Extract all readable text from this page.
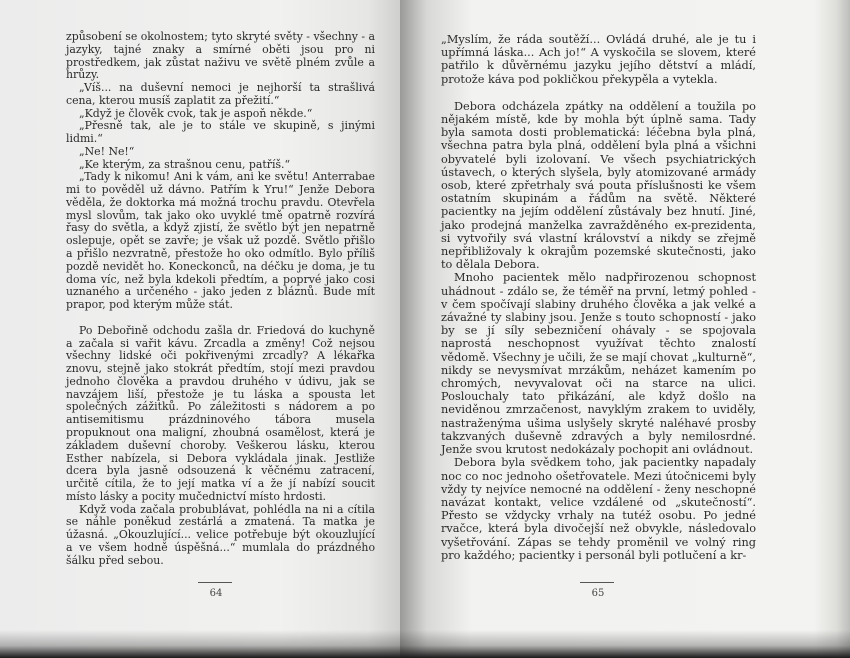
způsobení se okolnostem; tyto skryté světy - všechny - a jazyky, tajné znaky a smírné oběti jsou pro ni prostředkem, jak zůstat naživu ve světě plném zvůle a hrůzy.

„Víš... na duševní nemoci je nejhorší ta strašlivá cena, kterou musíš zaplatit za přežití.“

„Když je člověk cvok, tak je aspoň někde.“

„Přesně tak, ale je to stále ve skupině, s jinými lidmi.“

„Ne! Ne!“

„Ke kterým, za strašnou cenu, patříš.“

„Tady k nikomu! Ani k vám, ani ke světu! Anterrabae mi to pověděl už dávno. Patřím k Yru!“ Jenže Debora věděla, že doktorka má možná trochu pravdu. Otevřela mysl slovům, tak jako oko uvyklé tmě opatrně rozvírá řasy do světla, a když zjistí, že světlo být jen nepatrně oslepuje, opět se zavře; je však už pozdě. Světlo přišlo a přišlo nezvratně, přestože ho oko odmítlo. Bylo příliš pozdě nevidět ho. Koneckonců, na déčku je doma, je tu doma víc, než byla kdekoli předtím, a poprvé jako cosi uznaného a určeného - jako jeden z bláznů. Bude mít prapor, pod kterým může stát.

Po Debořině odchodu zašla dr. Friedová do kuchyně a začala si vařit kávu. Zrcadla a změny! Což nejsou všechny lidské oči pokřivenými zrcadly? A lékařka znovu, stejně jako stokrát předtím, stojí mezi pravdou jednoho člověka a pravdou druhého v údivu, jak se navzájem liší, přestože je tu láska a spousta let společných zážitků. Po záležitosti s nádorem a po antisemitismu prázdninového tábora musela propuknout ona maligní, zhoubná osamělost, která je základem duševní choroby. Veškerou lásku, kterou Esther nabízela, si Debora vykládala jinak. Jestliže dcera byla jasně odsouzená k věčnému zatracení, určitě cítila, že to její matka ví a že jí nabízí soucit místo lásky a pocity mučednictví místo hrdosti.

Když voda začala probublávat, pohlédla na ni a cítila se náhle poněkud zestárlá a zmatená. Ta matka je úžasná. „Okouzlující... velice potřebuje být okouzlující a ve všem hodně úspěšná...“ mumlala do prázdného šálku před sebou.

64

„Myslím, že ráda soutěží... Ovládá druhé, ale je tu i upřímná láska... Ach jo!“ A vyskočila se slovem, které patřilo k důvěrnému jazyku jejího dětství a mládí, protože káva pod pokličkou překypěla a vytekla.

Debora odcházela zpátky na oddělení a toužila po nějakém místě, kde by mohla být úplně sama. Tady byla samota dosti problematická: léčebna byla plná, všechna patra byla plná, oddělení byla plná a všichni obyvatelé byli izolovaní. Ve všech psychiatrických ústavech, o kterých slyšela, byly atomizované armády osob, které zpřetrhaly svá pouta příslušnosti ke všem ostatním skupinám a řádům na světě. Některé pacientky na jejím oddělení zůstávaly bez hnutí. Jiné, jako prodejná manželka zavražděného ex-prezidenta, si vytvořily svá vlastní království a nikdy se zřejmě nepřibližovaly k okrajům pozemské skutečnosti, jako to dělala Debora.

Mnoho pacientek mělo nadpřirozenou schopnost uhádnout - zdálo se, že téměř na první, letmý pohled - v čem spočívají slabiny druhého člověka a jak velké a závažné ty slabiny jsou. Jenže s touto schopností - jako by se jí síly sebezničení ohávaly - se spojovala naprostá neschopnost využívat těchto znalostí vědomě. Všechny je učili, že se mají chovat „kulturně“, nikdy se nevysmívat mrzákům, neházet kamením po chromých, nevyvalovat oči na starce na ulici. Poslouchaly tato přikázání, ale když došlo na neviděnou zmrzačenost, navyklým zrakem to uviděly, nastraženýma ušima uslyšely skryté naléhavé prosby takzvaných duševně zdravých a byly nemilosrdné. Jenže svou krutost nedokázaly pochopit ani ovládnout.

Debora byla svědkem toho, jak pacientky napadaly noc co noc jednoho ošetřovatele. Mezi útočnicemi byly vždy ty nejvíce nemocné na oddělení - ženy neschopné navázat kontakt, velice vzdálené od „skutečností“. Přesto se vždycky vrhaly na tutéž osobu. Po jedné rvačce, která byla divočejší než obvykle, následovalo vyšetřování. Zápas se tehdy proměnil ve volný ring pro každého; pacientky i personál byli potlučení a kr-

65
